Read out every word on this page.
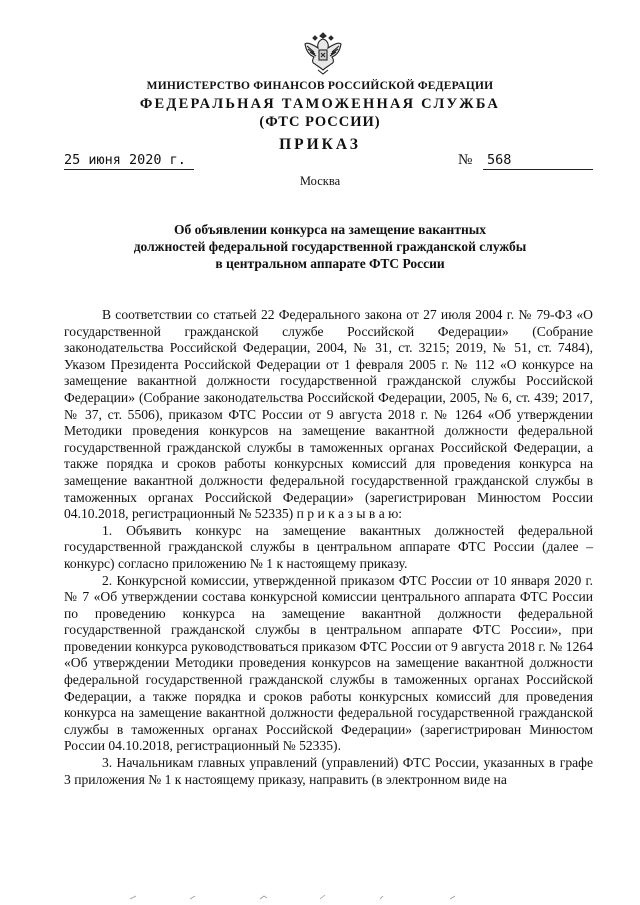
МИНИСТЕРСТВО ФИНАНСОВ РОССИЙСКОЙ ФЕДЕРАЦИИ
ФЕДЕРАЛЬНАЯ ТАМОЖЕННАЯ СЛУЖБА
(ФТС РОССИИ)
ПРИКАЗ
25 июня 2020 г.	№ 568
Москва
Об объявлении конкурса на замещение вакантных
должностей федеральной государственной гражданской службы
в центральном аппарате ФТС России

В соответствии со статьей 22 Федерального закона от 27 июля 2004 г. № 79-ФЗ «О государственной гражданской службе Российской Федерации» (Собрание законодательства Российской Федерации, 2004, № 31, ст. 3215; 2019, № 51, ст. 7484), Указом Президента Российской Федерации от 1 февраля 2005 г. № 112 «О конкурсе на замещение вакантной должности государственной гражданской службы Российской Федерации» (Собрание законодательства Российской Федерации, 2005, № 6, ст. 439; 2017, № 37, ст. 5506), приказом ФТС России от 9 августа 2018 г. № 1264 «Об утверждении Методики проведения конкурсов на замещение вакантной должности федеральной государственной гражданской службы в таможенных органах Российской Федерации, а также порядка и сроков работы конкурсных комиссий для проведения конкурса на замещение вакантной должности федеральной государственной гражданской службы в таможенных органах Российской Федерации» (зарегистрирован Минюстом России 04.10.2018, регистрационный № 52335) п р и к а з ы в а ю:

1. Объявить конкурс на замещение вакантных должностей федеральной государственной гражданской службы в центральном аппарате ФТС России (далее – конкурс) согласно приложению № 1 к настоящему приказу.

2. Конкурсной комиссии, утвержденной приказом ФТС России от 10 января 2020 г. № 7 «Об утверждении состава конкурсной комиссии центрального аппарата ФТС России по проведению конкурса на замещение вакантной должности федеральной государственной гражданской службы в центральном аппарате ФТС России», при проведении конкурса руководствоваться приказом ФТС России от 9 августа 2018 г. № 1264 «Об утверждении Методики проведения конкурсов на замещение вакантной должности федеральной государственной гражданской службы в таможенных органах Российской Федерации, а также порядка и сроков работы конкурсных комиссий для проведения конкурса на замещение вакантной должности федеральной государственной гражданской службы в таможенных органах Российской Федерации» (зарегистрирован Минюстом России 04.10.2018, регистрационный № 52335).

3. Начальникам главных управлений (управлений) ФТС России, указанных в графе 3 приложения № 1 к настоящему приказу, направить (в электронном виде на
